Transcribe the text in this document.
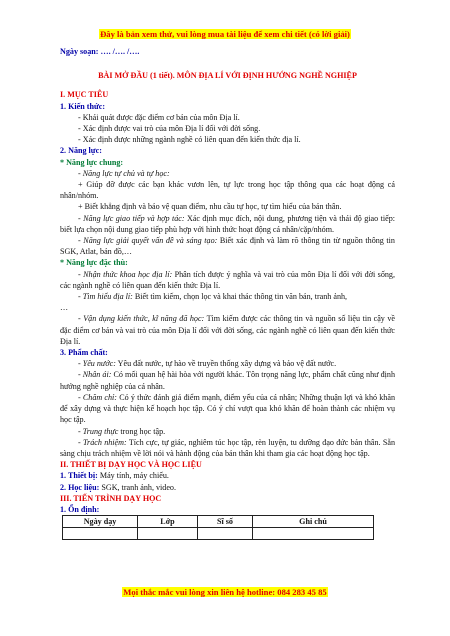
Đây là bản xem thử, vui lòng mua tài liệu để xem chi tiết (có lời giải)
Ngày soạn: …. /…. /….
BÀI MỞ ĐẦU (1 tiết). MÔN ĐỊA LÍ VỚI ĐỊNH HƯỚNG NGHỀ NGHIỆP
I. MỤC TIÊU
1. Kiến thức:
- Khái quát được đặc điểm cơ bản của môn Địa lí.
- Xác định được vai trò của môn Địa lí đối với đời sống.
- Xác định được những ngành nghề có liên quan đến kiến thức địa lí.
2. Năng lực:
* Năng lực chung:
- Năng lực tự chủ và tự học:
+ Giúp đỡ được các bạn khác vươn lên, tự lực trong học tập thông qua các hoạt động cá nhân/nhóm.
+ Biết khẳng định và bảo vệ quan điểm, nhu cầu tự học, tự tìm hiểu của bản thân.
- Năng lực giao tiếp và hợp tác: Xác định mục đích, nội dung, phương tiện và thái độ giao tiếp: biết lựa chọn nội dung giao tiếp phù hợp với hình thức hoạt động cá nhân/cặp/nhóm.
- Năng lực giải quyết vấn đề và sáng tạo: Biết xác định và làm rõ thông tin từ nguồn thông tin SGK, Atlat, bản đồ,…
* Năng lực đặc thù:
- Nhận thức khoa học địa lí: Phân tích được ý nghĩa và vai trò của môn Địa lí đối với đời sống, các ngành nghề có liên quan đến kiến thức Địa lí.
- Tìm hiểu địa lí: Biết tìm kiếm, chọn lọc và khai thác thông tin văn bản, tranh ảnh,
…
- Vận dụng kiến thức, kĩ năng đã học: Tìm kiếm được các thông tin và nguồn số liệu tin cậy về đặc điểm cơ bản và vai trò của môn Địa lí đối với đời sống, các ngành nghề có liên quan đến kiến thức Địa lí.
3. Phẩm chất:
- Yêu nước: Yêu đất nước, tự hào về truyền thống xây dựng và bảo vệ đất nước.
- Nhân ái: Có mối quan hệ hài hòa với người khác. Tôn trọng năng lực, phẩm chất cũng như định hướng nghề nghiệp của cá nhân.
- Chăm chỉ: Có ý thức đánh giá điểm mạnh, điểm yếu của cá nhân; Những thuận lợi và khó khăn để xây dựng và thực hiện kế hoạch học tập. Có ý chí vượt qua khó khăn để hoàn thành các nhiệm vụ học tập.
- Trung thực trong học tập.
- Trách nhiệm: Tích cực, tự giác, nghiêm túc học tập, rèn luyện, tu dưỡng đạo đức bản thân. Sẵn sàng chịu trách nhiệm về lời nói và hành động của bản thân khi tham gia các hoạt động học tập.
II. THIẾT BỊ DẠY HỌC VÀ HỌC LIỆU
1. Thiết bị: Máy tính, máy chiếu.
2. Học liệu: SGK, tranh ảnh, video.
III. TIẾN TRÌNH DẠY HỌC
1. Ổn định:
Ngày dạy	Lớp	Sĩ số	Ghi chú

Mọi thắc mắc vui lòng xin liên hệ hotline: 084 283 45 85
